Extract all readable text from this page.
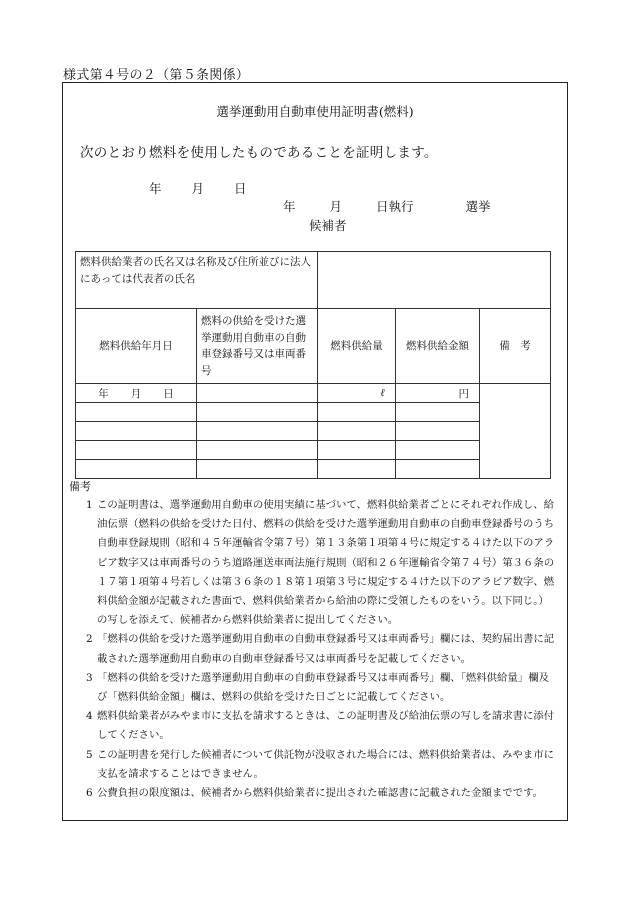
様式第４号の２（第５条関係）
選挙運動用自動車使用証明書(燃料)
次のとおり燃料を使用したものであることを証明します。
年 月 日
年	月	日執行	選挙
候補者
燃料供給業者の氏名又は名称及び住所並びに法人にあっては代表者の氏名				
燃料供給年月日	燃料の供給を受けた選挙運動用自動車の自動車登録番号又は車両番号	燃料供給量	燃料供給金額	備　考
年 月 日		ℓ	円	

備考

1 この証明書は、選挙運動用自動車の使用実績に基づいて、燃料供給業者ごとにそれぞれ作成し、給油伝票（燃料の供給を受けた日付、燃料の供給を受けた選挙運動用自動車の自動車登録番号のうち自動車登録規則（昭和４５年運輸省令第７号）第１３条第１項第４号に規定する４けた以下のアラビア数字又は車両番号のうち道路運送車両法施行規則（昭和２６年運輸省令第７４号）第３６条の１７第１項第４号若しくは第３６条の１８第１項第３号に規定する４けた以下のアラビア数字、燃料供給金額が記載された書面で、燃料供給業者から給油の際に受領したものをいう。以下同じ。）の写しを添えて、候補者から燃料供給業者に提出してください。

2 「燃料の供給を受けた選挙運動用自動車の自動車登録番号又は車両番号」欄には、契約届出書に記載された選挙運動用自動車の自動車登録番号又は車両番号を記載してください。

3 「燃料の供給を受けた選挙運動用自動車の自動車登録番号又は車両番号」欄、「燃料供給量」欄及び「燃料供給金額」欄は、燃料の供給を受けた日ごとに記載してください。

4 燃料供給業者がみやま市に支払を請求するときは、この証明書及び給油伝票の写しを請求書に添付してください。

5 この証明書を発行した候補者について供託物が没収された場合には、燃料供給業者は、みやま市に支払を請求することはできません。

6 公費負担の限度額は、候補者から燃料供給業者に提出された確認書に記載された金額までです。
